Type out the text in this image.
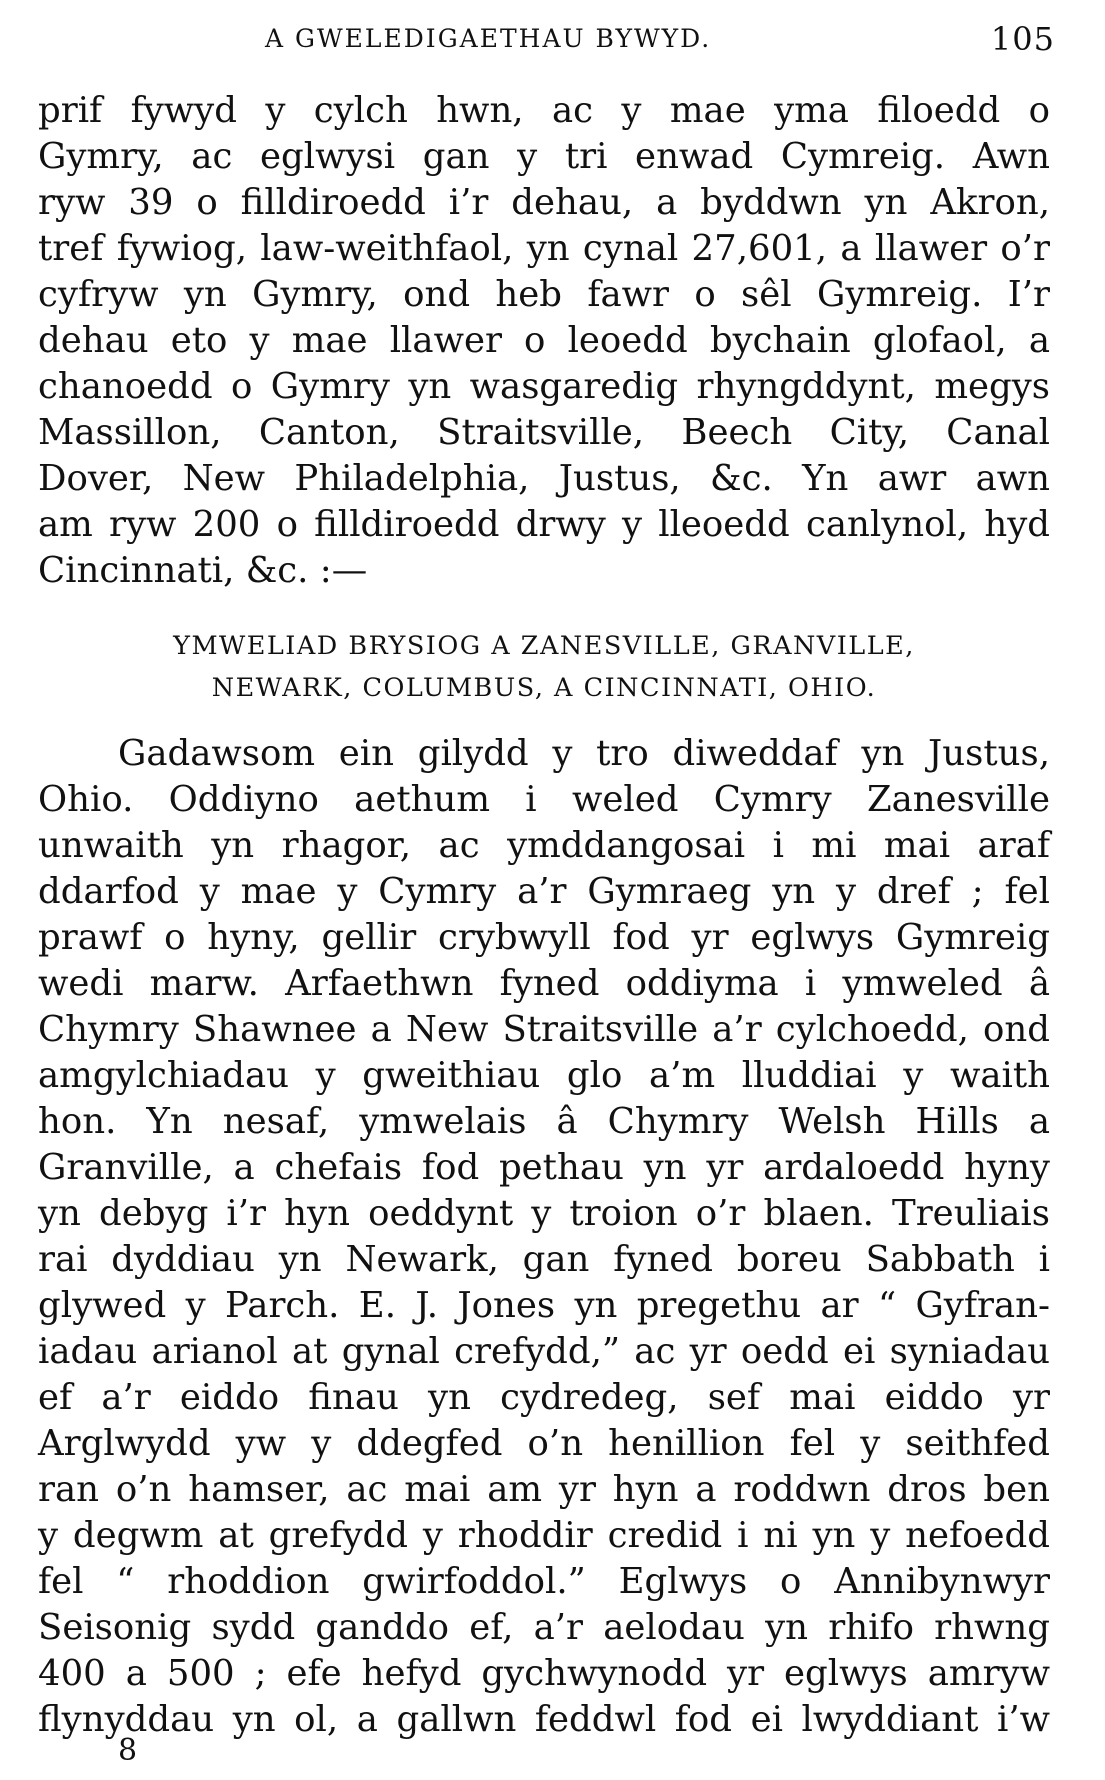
A GWELEDIGAETHAU BYWYD.	105
prif fywyd y cylch hwn, ac y mae yma filoedd o
Gymry, ac eglwysi gan y tri enwad Cymreig. Awn
ryw 39 o filldiroedd i’r dehau, a byddwn yn Akron,
tref fywiog, law-weithfaol, yn cynal 27,601, a llawer o’r
cyfryw yn Gymry, ond heb fawr o sêl Gymreig. I’r
dehau eto y mae llawer o leoedd bychain glofaol, a
chanoedd o Gymry yn wasgaredig rhyngddynt, megys
Massillon, Canton, Straitsville, Beech City, Canal
Dover, New Philadelphia, Justus, &c. Yn awr awn
am ryw 200 o filldiroedd drwy y lleoedd canlynol, hyd
Cincinnati, &c. :—
YMWELIAD BRYSIOG A ZANESVILLE, GRANVILLE,
NEWARK, COLUMBUS, A CINCINNATI, OHIO.
Gadawsom ein gilydd y tro diweddaf yn Justus,
Ohio. Oddiyno aethum i weled Cymry Zanesville
unwaith yn rhagor, ac ymddangosai i mi mai araf
ddarfod y mae y Cymry a’r Gymraeg yn y dref ; fel
prawf o hyny, gellir crybwyll fod yr eglwys Gymreig
wedi marw. Arfaethwn fyned oddiyma i ymweled â
Chymry Shawnee a New Straitsville a’r cylchoedd, ond
amgylchiadau y gweithiau glo a’m lluddiai y waith
hon. Yn nesaf, ymwelais â Chymry Welsh Hills a
Granville, a chefais fod pethau yn yr ardaloedd hyny
yn debyg i’r hyn oeddynt y troion o’r blaen. Treuliais
rai dyddiau yn Newark, gan fyned boreu Sabbath i
glywed y Parch. E. J. Jones yn pregethu ar “ Gyfran-
iadau arianol at gynal crefydd,” ac yr oedd ei syniadau
ef a’r eiddo finau yn cydredeg, sef mai eiddo yr
Arglwydd yw y ddegfed o’n henillion fel y seithfed
ran o’n hamser, ac mai am yr hyn a roddwn dros ben
y degwm at grefydd y rhoddir credid i ni yn y nefoedd
fel “ rhoddion gwirfoddol.” Eglwys o Annibynwyr
Seisonig sydd ganddo ef, a’r aelodau yn rhifo rhwng
400 a 500 ; efe hefyd gychwynodd yr eglwys amryw
flynyddau yn ol, a gallwn feddwl fod ei lwyddiant i’w
8
